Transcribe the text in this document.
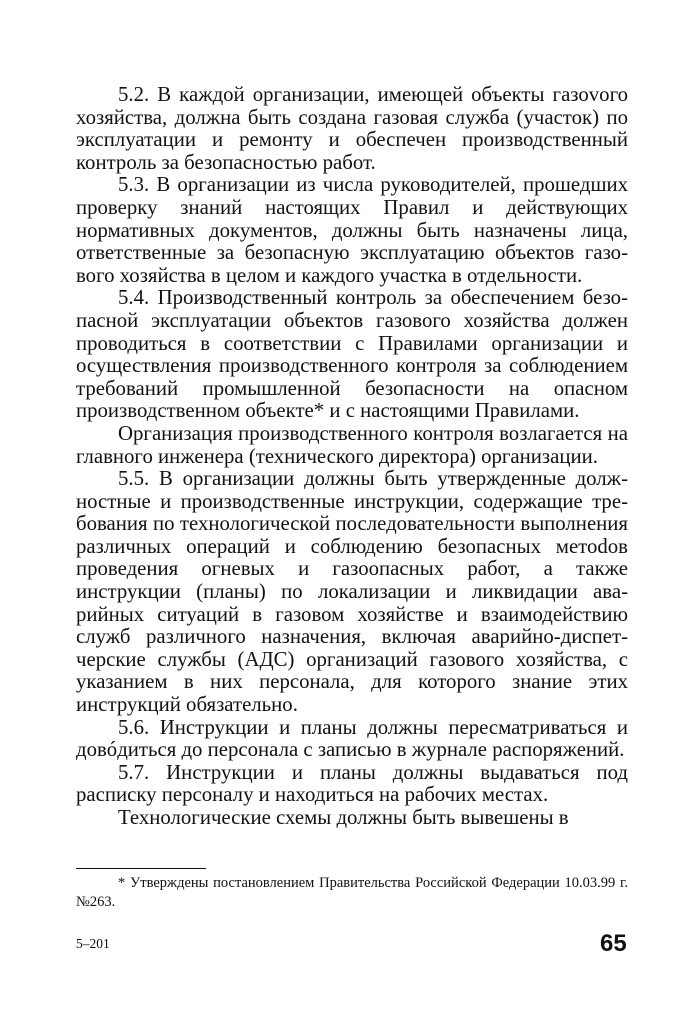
5.2. В каждой организации, имеющей объекты газоvого хозяйства, должна быть создана газовая служба (участок) по эксплуатации и ремонту и обеспечен производственный контроль за безопасностью работ.

5.3. В организации из числа руководителей, прошедших проверку знаний настоящих Правил и действующих нормативных документов, должны быть назначены лица, ответственные за безопасную эксплуатацию объектов газового хозяйства в целом и каждого участка в отдельности.

5.4. Производственный контроль за обеспечением безопасной эксплуатации объектов газового хозяйства должен проводиться в соответствии с Правилами организации и осуществления производственного контроля за соблюдением требований промышленной безопасности на опасном производственном объекте* и с настоящими Правилами.

Организация производственного контроля возлагается на главного инженера (технического директора) организации.

5.5. В организации должны быть утвержденные должностные и производственные инструкции, содержащие требования по технологической последовательности выполнения различных операций и соблюдению безопасных метоdов проведения огневых и газоопасных работ, а также инструкции (планы) по локализации и ликвидации аварийных ситуаций в газовом хозяйстве и взаимодействию служб различного назначения, включая аварийно-диспетчерские службы (АДС) организаций газового хозяйства, с указанием в них персонала, для которого знание этих инструкций обязательно.

5.6. Инструкции и планы должны пересматриваться и довóдиться до персонала с записью в журнале распоряжений.

5.7. Инструкции и планы должны выдаваться под расписку персоналу и находиться на рабочих местах.

Технологические схемы должны быть вывешены в

* Утверждены постановлением Правительства Российской Федерации 10.03.99 г. №263.

5–201	65
